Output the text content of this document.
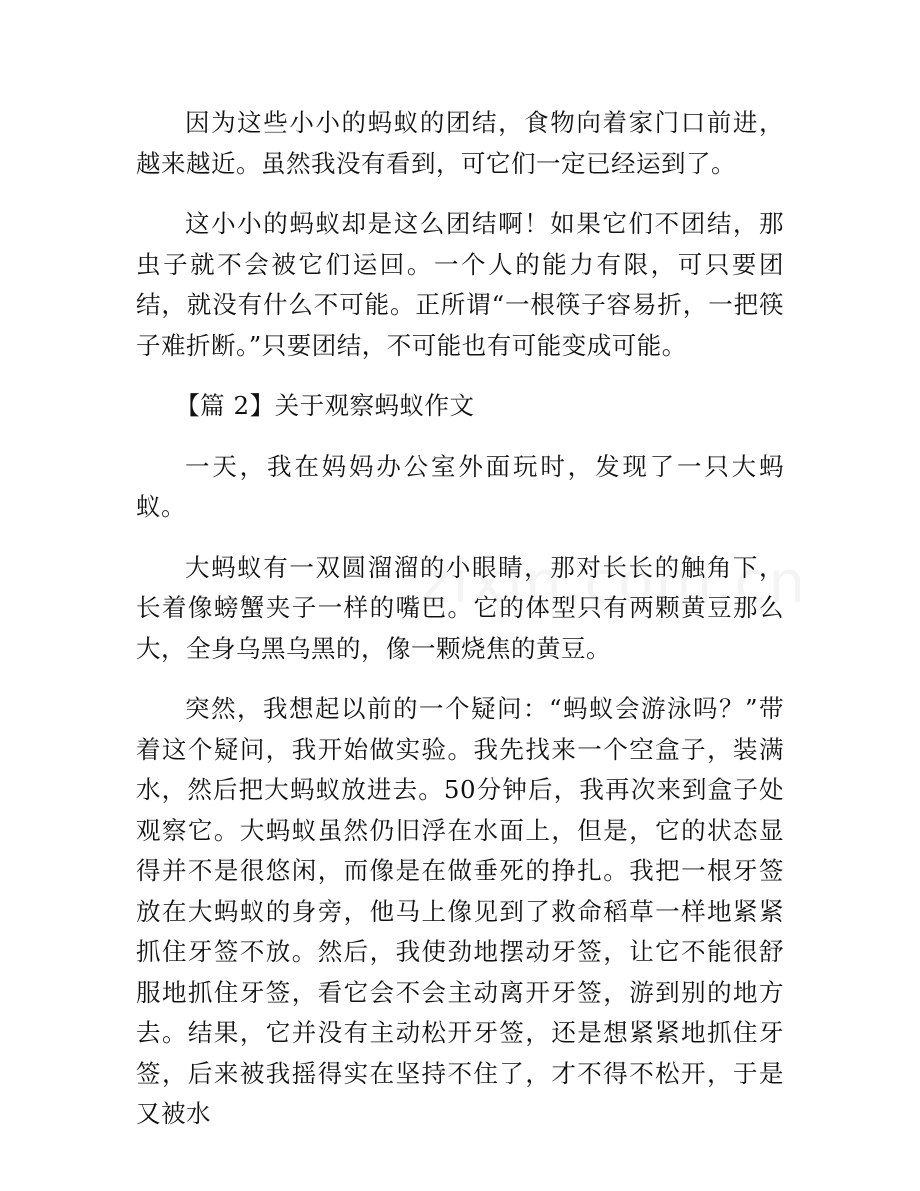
因为这些小小的蚂蚁的团结，食物向着家门口前进，越来越近。虽然我没有看到，可它们一定已经运到了。

这小小的蚂蚁却是这么团结啊！如果它们不团结，那虫子就不会被它们运回。一个人的能力有限，可只要团结，就没有什么不可能。正所谓“一根筷子容易折，一把筷子难折断。”只要团结，不可能也有可能变成可能。

【篇 2】关于观察蚂蚁作文

一天，我在妈妈办公室外面玩时，发现了一只大蚂蚁。

大蚂蚁有一双圆溜溜的小眼睛，那对长长的触角下，长着像螃蟹夹子一样的嘴巴。它的体型只有两颗黄豆那么大，全身乌黑乌黑的，像一颗烧焦的黄豆。

突然，我想起以前的一个疑问：“蚂蚁会游泳吗？”带着这个疑问，我开始做实验。我先找来一个空盒子，装满水，然后把大蚂蚁放进去。50分钟后，我再次来到盒子处观察它。大蚂蚁虽然仍旧浮在水面上，但是，它的状态显得并不是很悠闲，而像是在做垂死的挣扎。我把一根牙签放在大蚂蚁的身旁，他马上像见到了救命稻草一样地紧紧抓住牙签不放。然后，我使劲地摆动牙签，让它不能很舒服地抓住牙签，看它会不会主动离开牙签，游到别的地方去。结果，它并没有主动松开牙签，还是想紧紧地抓住牙签，后来被我摇得实在坚持不住了，才不得不松开，于是又被水
